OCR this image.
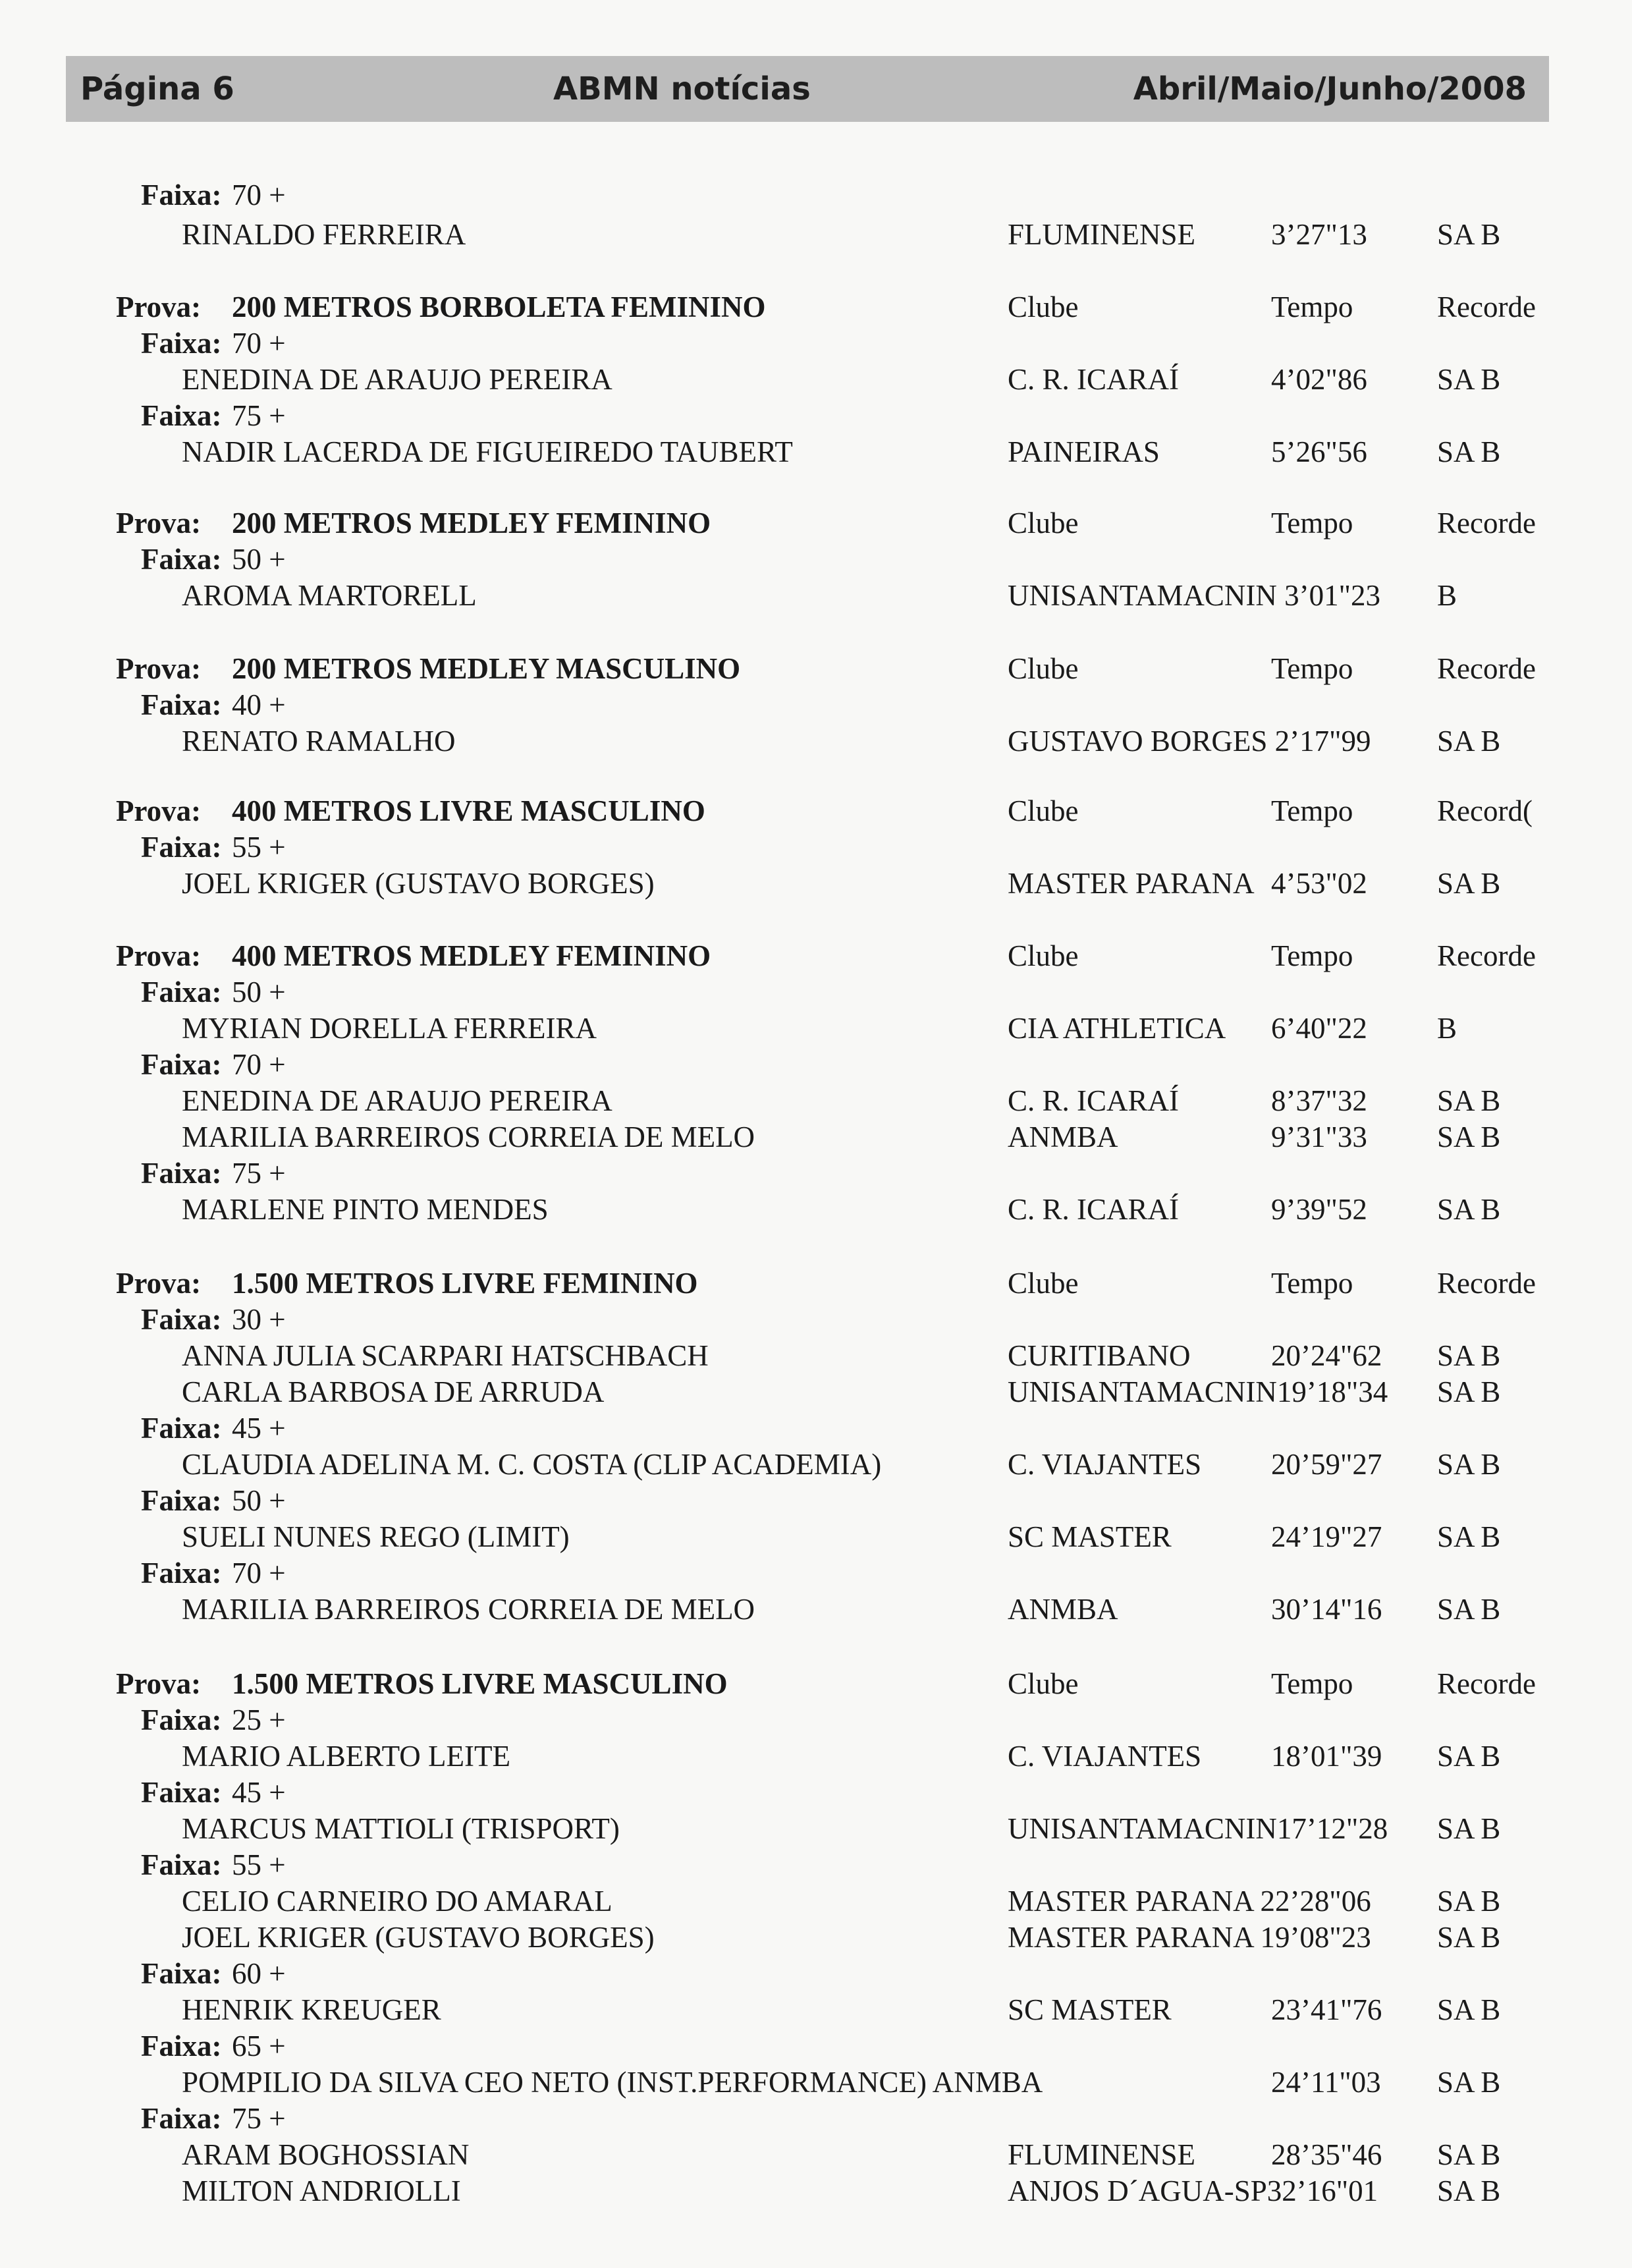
Página 6	ABMN notícias	Abril/Maio/Junho/2008
Faixa: 70 +
RINALDO FERREIRA	FLUMINENSE	3’27"13 SA B
Prova: 200 METROS BORBOLETA FEMININO	Clube	Tempo	Recorde
Faixa: 70 +
ENEDINA DE ARAUJO PEREIRA	C. R. ICARAÍ	4’02"86 SA B
Faixa: 75 +
NADIR LACERDA DE FIGUEIREDO TAUBERT	PAINEIRAS	5’26"56 SA B
Prova: 200 METROS MEDLEY FEMININO	Clube	Tempo	Recorde
Faixa: 50 +
AROMA MARTORELL	UNISANTAMACNIN 3’01"23 B
Prova: 200 METROS MEDLEY MASCULINO	Clube	Tempo	Recorde
Faixa: 40 +
RENATO RAMALHO	GUSTAVO BORGES 2’17"99 SA B
Prova: 400 METROS LIVRE MASCULINO	Clube	Tempo	Record(
Faixa: 55 +
JOEL KRIGER (GUSTAVO BORGES)	MASTER PARANA 4’53"02 SA B
Prova: 400 METROS MEDLEY FEMININO	Clube	Tempo	Recorde
Faixa: 50 +
MYRIAN DORELLA FERREIRA	CIA ATHLETICA 6’40"22 B
Faixa: 70 +
ENEDINA DE ARAUJO PEREIRA	C. R. ICARAÍ	8’37"32 SA B
MARILIA BARREIROS CORREIA DE MELO	ANMBA	9’31"33 SA B
Faixa: 75 +
MARLENE PINTO MENDES	C. R. ICARAÍ	9’39"52 SA B
Prova: 1.500 METROS LIVRE FEMININO	Clube	Tempo	Recorde
Faixa: 30 +
ANNA JULIA SCARPARI HATSCHBACH	CURITIBANO	20’24"62 SA B
CARLA BARBOSA DE ARRUDA	UNISANTAMACNIN19’18"34 SA B
Faixa: 45 +
CLAUDIA ADELINA M. C. COSTA (CLIP ACADEMIA)	C. VIAJANTES 20’59"27 SA B
Faixa: 50 +
SUELI NUNES REGO (LIMIT)	SC MASTER	24’19"27 SA B
Faixa: 70 +
MARILIA BARREIROS CORREIA DE MELO	ANMBA	30’14"16 SA B
Prova: 1.500 METROS LIVRE MASCULINO	Clube	Tempo	Recorde
Faixa: 25 +
MARIO ALBERTO LEITE	C. VIAJANTES 18’01"39 SA B
Faixa: 45 +
MARCUS MATTIOLI (TRISPORT)	UNISANTAMACNIN17’12"28 SA B
Faixa: 55 +
CELIO CARNEIRO DO AMARAL	MASTER PARANA 22’28"06 SA B
JOEL KRIGER (GUSTAVO BORGES)	MASTER PARANA 19’08"23 SA B
Faixa: 60 +
HENRIK KREUGER	SC MASTER	23’41"76 SA B
Faixa: 65 +
POMPILIO DA SILVA CEO NETO (INST.PERFORMANCE) ANMBA	24’11"03 SA B
Faixa: 75 +
ARAM BOGHOSSIAN	FLUMINENSE	28’35"46 SA B
MILTON ANDRIOLLI	ANJOS D´AGUA-SP32’16"01 SA B
